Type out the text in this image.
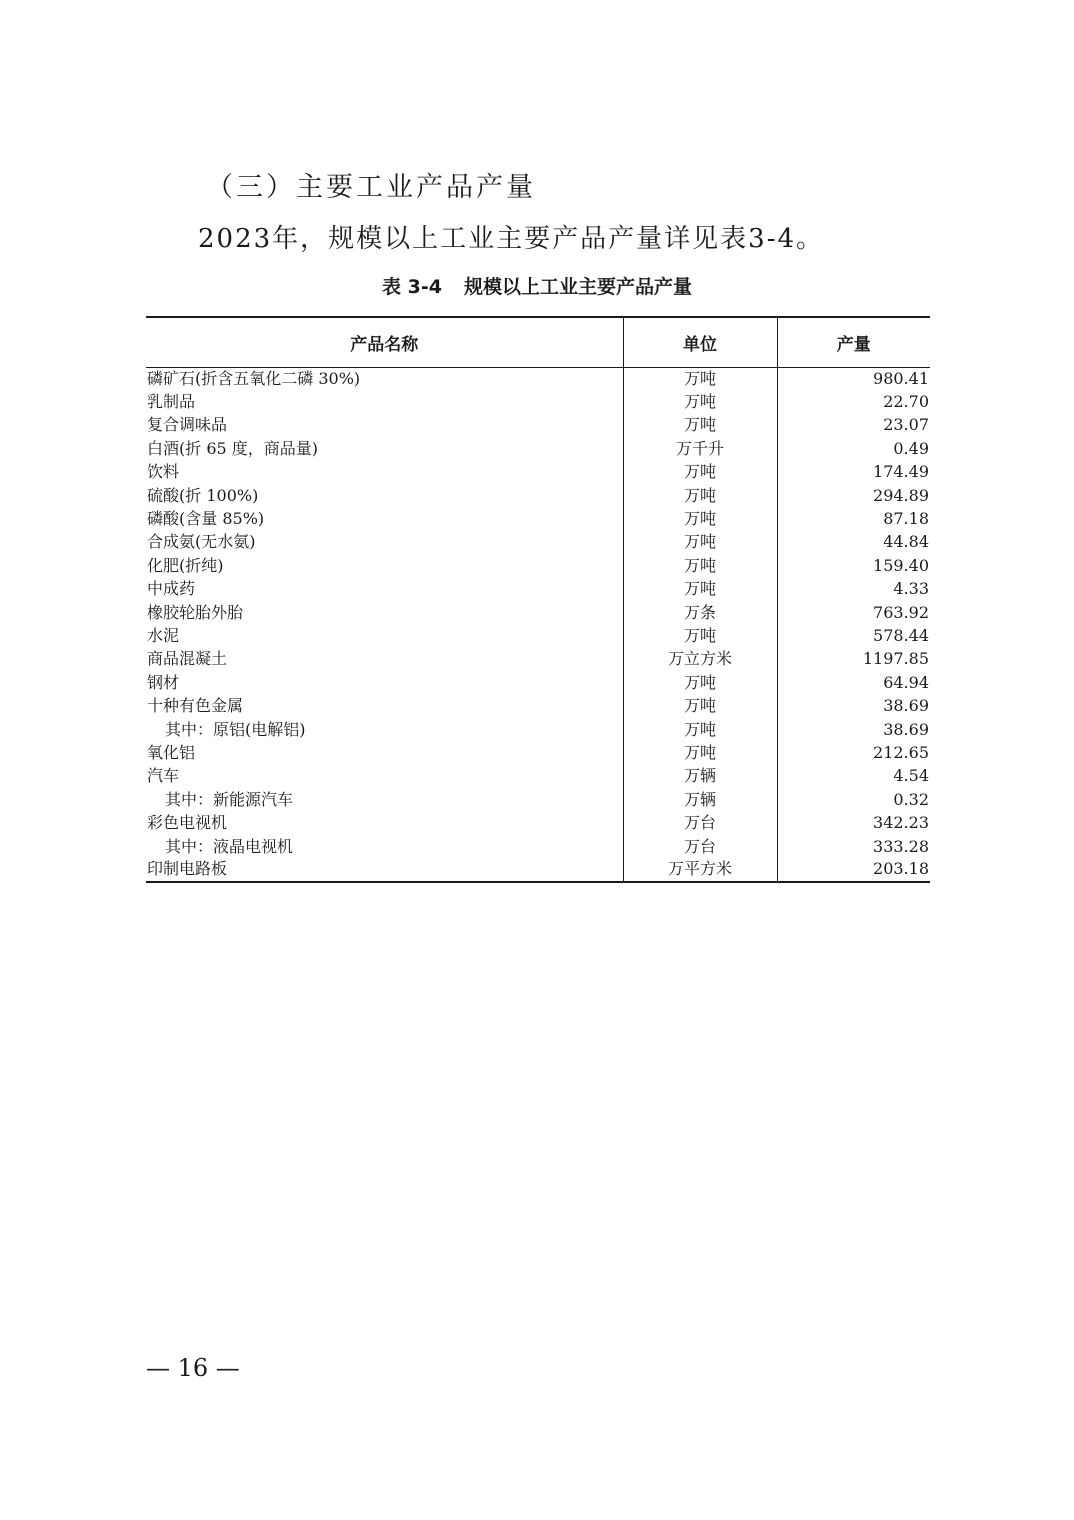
（三）主要工业产品产量
2023年，规模以上工业主要产品产量详见表3-4。
表 3-4 规模以上工业主要产品产量
产品名称	单位	产量
磷矿石(折含五氧化二磷 30%)	万吨	980.41
乳制品	万吨	22.70
复合调味品	万吨	23.07
白酒(折 65 度，商品量)	万千升	0.49
饮料	万吨	174.49
硫酸(折 100%)	万吨	294.89
磷酸(含量 85%)	万吨	87.18
合成氨(无水氨)	万吨	44.84
化肥(折纯)	万吨	159.40
中成药	万吨	4.33
橡胶轮胎外胎	万条	763.92
水泥	万吨	578.44
商品混凝土	万立方米	1197.85
钢材	万吨	64.94
十种有色金属	万吨	38.69
其中：原铝(电解铝)	万吨	38.69
氧化铝	万吨	212.65
汽车	万辆	4.54
其中：新能源汽车	万辆	0.32
彩色电视机	万台	342.23
其中：液晶电视机	万台	333.28
印制电路板	万平方米	203.18
— 16 —
